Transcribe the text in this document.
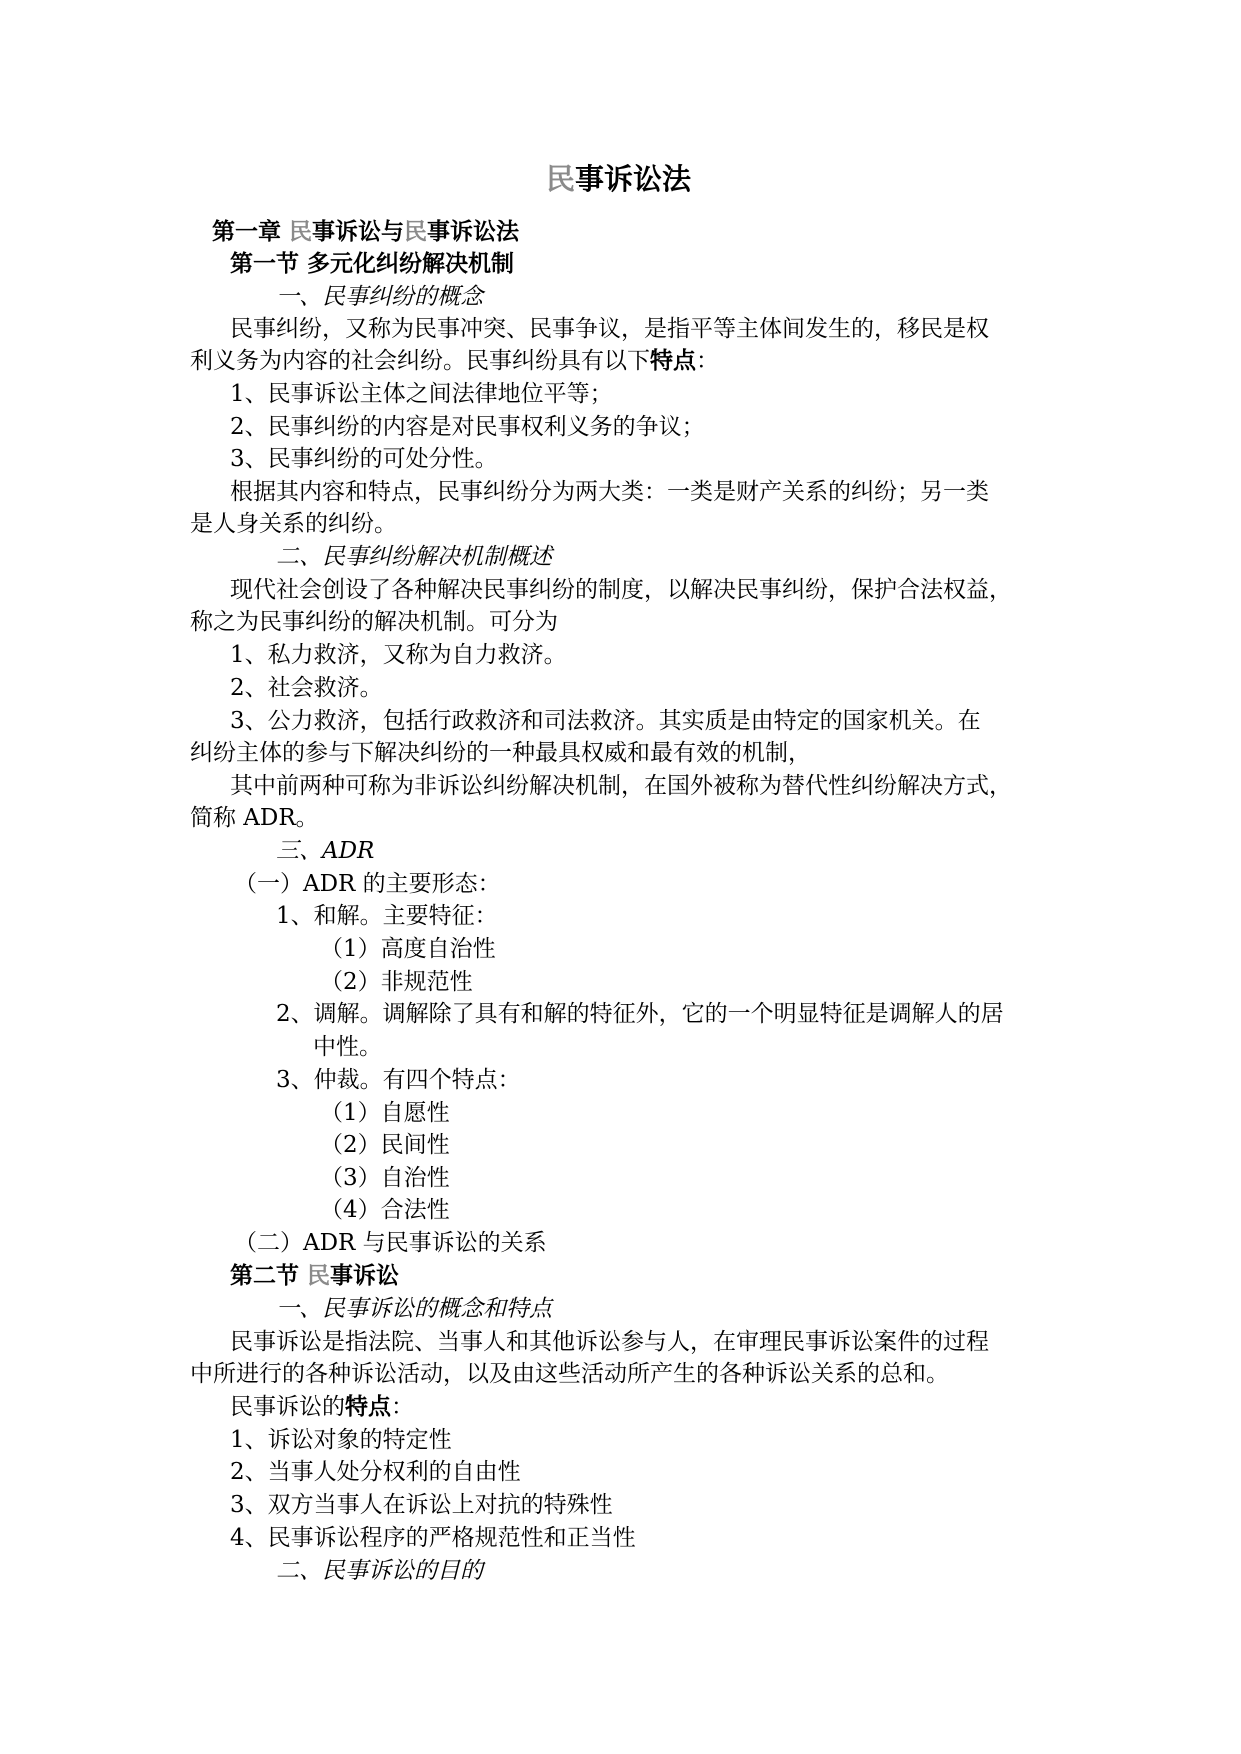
民事诉讼法
第一章 民事诉讼与民事诉讼法
第一节 多元化纠纷解决机制
一、民事纠纷的概念
民事纠纷，又称为民事冲突、民事争议，是指平等主体间发生的，移民是权
利义务为内容的社会纠纷。民事纠纷具有以下特点：
1、民事诉讼主体之间法律地位平等；
2、民事纠纷的内容是对民事权利义务的争议；
3、民事纠纷的可处分性。
根据其内容和特点，民事纠纷分为两大类：一类是财产关系的纠纷；另一类
是人身关系的纠纷。
二、民事纠纷解决机制概述
现代社会创设了各种解决民事纠纷的制度，以解决民事纠纷，保护合法权益，
称之为民事纠纷的解决机制。可分为
1、私力救济，又称为自力救济。
2、社会救济。
3、公力救济，包括行政救济和司法救济。其实质是由特定的国家机关。在
纠纷主体的参与下解决纠纷的一种最具权威和最有效的机制，
其中前两种可称为非诉讼纠纷解决机制，在国外被称为替代性纠纷解决方式，
简称 ADR。
三、ADR
（一）ADR 的主要形态：
1、和解。主要特征：
（1）高度自治性
（2）非规范性
2、调解。调解除了具有和解的特征外，它的一个明显特征是调解人的居
中性。
3、仲裁。有四个特点：
（1）自愿性
（2）民间性
（3）自治性
（4）合法性
（二）ADR 与民事诉讼的关系
第二节 民事诉讼
一、民事诉讼的概念和特点
民事诉讼是指法院、当事人和其他诉讼参与人，在审理民事诉讼案件的过程
中所进行的各种诉讼活动，以及由这些活动所产生的各种诉讼关系的总和。
民事诉讼的特点：
1、诉讼对象的特定性
2、当事人处分权利的自由性
3、双方当事人在诉讼上对抗的特殊性
4、民事诉讼程序的严格规范性和正当性
二、民事诉讼的目的
